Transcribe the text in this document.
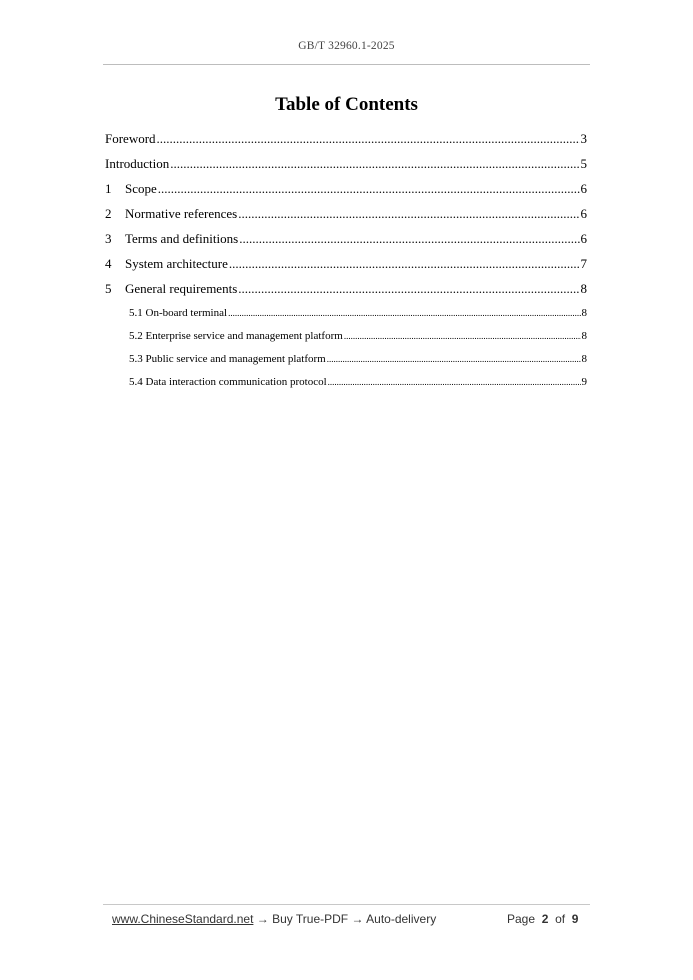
GB/T 32960.1-2025
Table of Contents
Foreword .....	3
Introduction .....	5
1	Scope .....	6
2	Normative references .....	6
3	Terms and definitions .....	6
4	System architecture .....	7
5	General requirements .....	8
5.1 On-board terminal .....	8
5.2 Enterprise service and management platform .....	8
5.3 Public service and management platform .....	8
5.4 Data interaction communication protocol .....	9
www.ChineseStandard.net → Buy True-PDF → Auto-delivery	Page 2 of 9
